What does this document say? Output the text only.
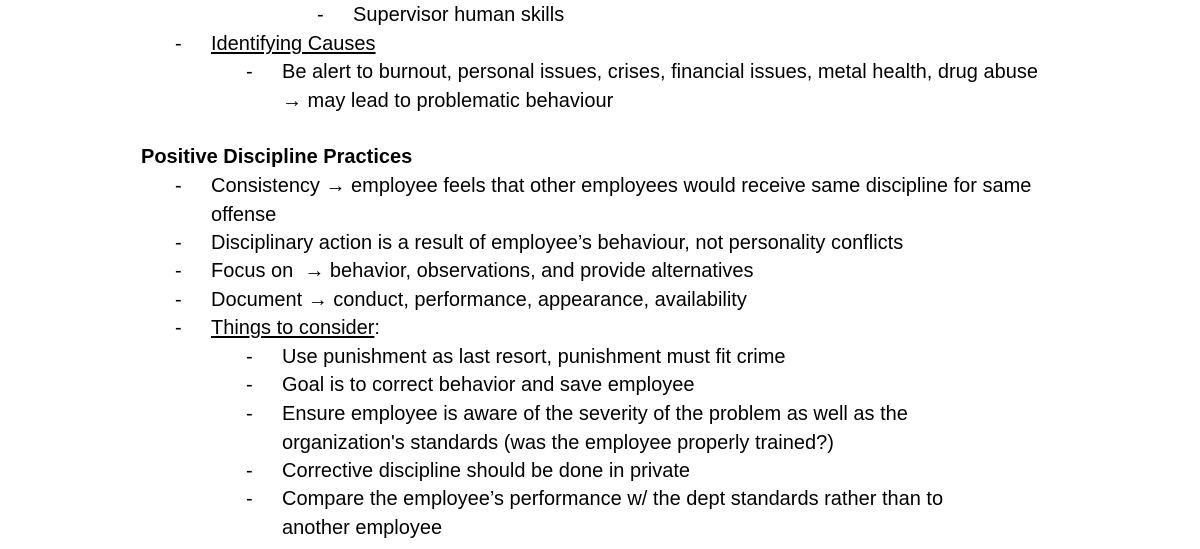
- Supervisor human skills
- Identifying Causes
- Be alert to burnout, personal issues, crises, financial issues, metal health, drug abuse → may lead to problematic behaviour
Positive Discipline Practices
- Consistency → employee feels that other employees would receive same discipline for same offense
- Disciplinary action is a result of employee’s behaviour, not personality conflicts
- Focus on  → behavior, observations, and provide alternatives
- Document → conduct, performance, appearance, availability
- Things to consider:
- Use punishment as last resort, punishment must fit crime
- Goal is to correct behavior and save employee
- Ensure employee is aware of the severity of the problem as well as the organization's standards (was the employee properly trained?)
- Corrective discipline should be done in private
- Compare the employee’s performance w/ the dept standards rather than to another employee
